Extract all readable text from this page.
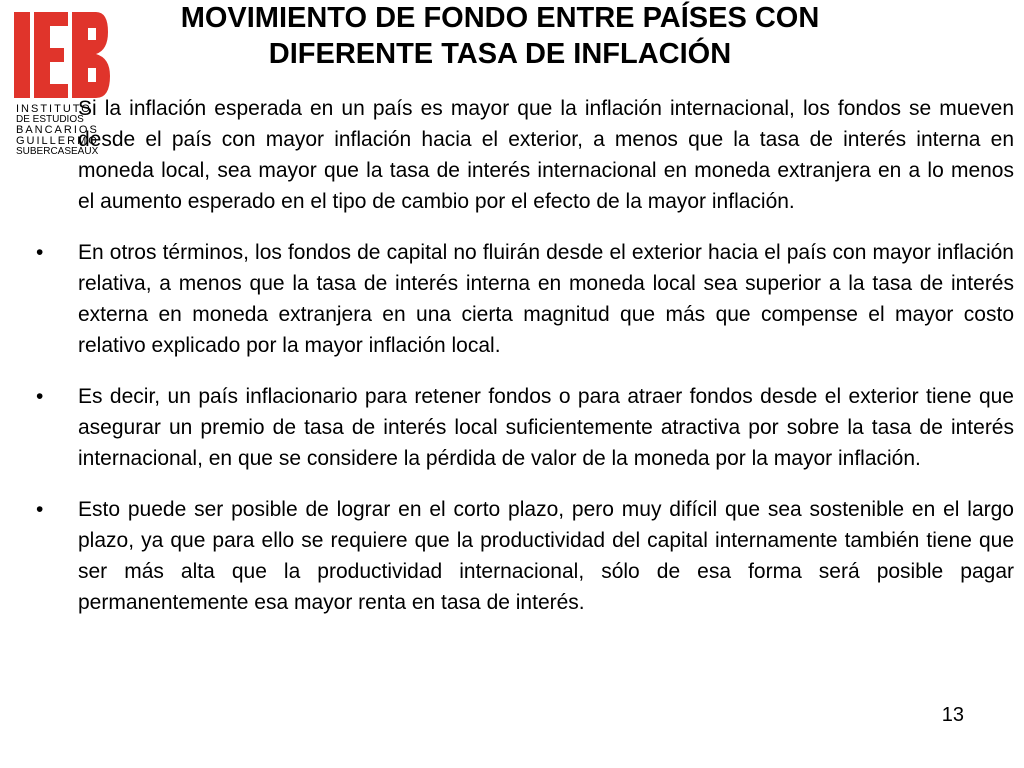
INSTITUTO
DE ESTUDIOS
BANCARIOS
GUILLERMO
SUBERCASEAUX
MOVIMIENTO DE FONDO ENTRE PAÍSES CON
DIFERENTE TASA DE INFLACIÓN
Si la inflación esperada en un país es mayor que la inflación internacional, los fondos se mueven desde el país con mayor inflación hacia el exterior, a menos que la tasa de interés interna en moneda local, sea mayor que la tasa de interés internacional en moneda extranjera en a lo menos el aumento esperado en el tipo de cambio por el efecto de la mayor inflación.
• En otros términos, los fondos de capital no fluirán desde el exterior hacia el país con mayor inflación relativa, a menos que la tasa de interés interna en moneda local sea superior a la tasa de interés externa en moneda extranjera en una cierta magnitud que más que compense el mayor costo relativo explicado por la mayor inflación local.
• Es decir, un país inflacionario para retener fondos o para atraer fondos desde el exterior tiene que asegurar un premio de tasa de interés local suficientemente atractiva por sobre la tasa de interés internacional, en que se considere la pérdida de valor de la moneda por la mayor inflación.
• Esto puede ser posible de lograr en el corto plazo, pero muy difícil que sea sostenible en el largo plazo, ya que para ello se requiere que la productividad del capital internamente también tiene que ser más alta que la productividad internacional, sólo de esa forma será posible pagar permanentemente esa mayor renta en tasa de interés.
13
